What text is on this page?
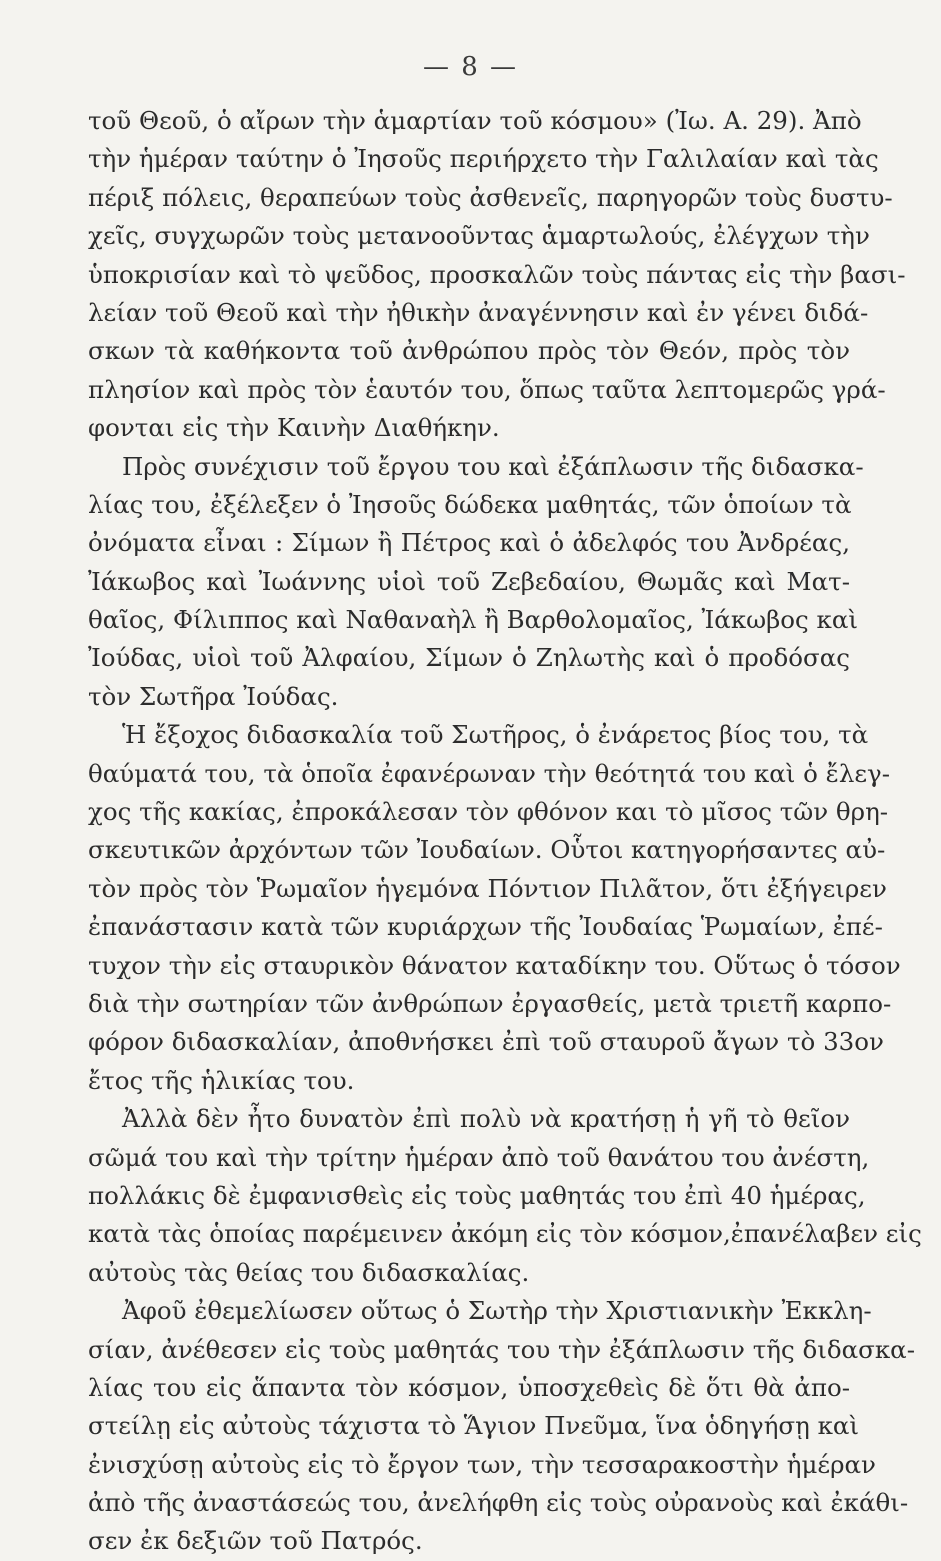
— 8 —
τοῦ Θεοῦ, ὁ αἴρων τὴν ἁμαρτίαν τοῦ κόσμου» (Ἰω. Α. 29). Ἀπὸ
τὴν ἡμέραν ταύτην ὁ Ἰησοῦς περιήρχετο τὴν Γαλιλαίαν καὶ τὰς
πέριξ πόλεις, θεραπεύων τοὺς ἀσθενεῖς, παρηγορῶν τοὺς δυστυ-
χεῖς, συγχωρῶν τοὺς μετανοοῦντας ἁμαρτωλούς, ἐλέγχων τὴν
ὑποκρισίαν καὶ τὸ ψεῦδος, προσκαλῶν τοὺς πάντας εἰς τὴν βασι-
λείαν τοῦ Θεοῦ καὶ τὴν ἠθικὴν ἀναγέννησιν καὶ ἐν γένει διδά-
σκων τὰ καθήκοντα τοῦ ἀνθρώπου πρὸς τὸν Θεόν, πρὸς τὸν
πλησίον καὶ πρὸς τὸν ἑαυτόν του, ὅπως ταῦτα λεπτομερῶς γρά-
φονται εἰς τὴν Καινὴν Διαθήκην.
Πρὸς συνέχισιν τοῦ ἔργου του καὶ ἐξάπλωσιν τῆς διδασκα-
λίας του, ἐξέλεξεν ὁ Ἰησοῦς δώδεκα μαθητάς, τῶν ὁποίων τὰ
ὀνόματα εἶναι : Σίμων ἢ Πέτρος καὶ ὁ ἀδελφός του Ἀνδρέας,
Ἰάκωβος καὶ Ἰωάννης υἱοὶ τοῦ Ζεβεδαίου, Θωμᾶς καὶ Ματ-
θαῖος, Φίλιππος καὶ Ναθαναὴλ ἢ Βαρθολομαῖος, Ἰάκωβος καὶ
Ἰούδας, υἱοὶ τοῦ Ἀλφαίου, Σίμων ὁ Ζηλωτὴς καὶ ὁ προδόσας
τὸν Σωτῆρα Ἰούδας.
Ἡ ἔξοχος διδασκαλία τοῦ Σωτῆρος, ὁ ἐνάρετος βίος του, τὰ
θαύματά του, τὰ ὁποῖα ἐφανέρωναν τὴν θεότητά του καὶ ὁ ἔλεγ-
χος τῆς κακίας, ἐπροκάλεσαν τὸν φθόνον και τὸ μῖσος τῶν θρη-
σκευτικῶν ἀρχόντων τῶν Ἰουδαίων. Οὗτοι κατηγορήσαντες αὐ-
τὸν πρὸς τὸν Ῥωμαῖον ἡγεμόνα Πόντιον Πιλᾶτον, ὅτι ἐξήγειρεν
ἐπανάστασιν κατὰ τῶν κυριάρχων τῆς Ἰουδαίας Ῥωμαίων, ἐπέ-
τυχον τὴν εἰς σταυρικὸν θάνατον καταδίκην του. Οὕτως ὁ τόσον
διὰ τὴν σωτηρίαν τῶν ἀνθρώπων ἐργασθείς, μετὰ τριετῆ καρπο-
φόρον διδασκαλίαν, ἀποθνήσκει ἐπὶ τοῦ σταυροῦ ἄγων τὸ 33ον
ἔτος τῆς ἡλικίας του.
Ἀλλὰ δὲν ἦτο δυνατὸν ἐπὶ πολὺ νὰ κρατήσῃ ἡ γῆ τὸ θεῖον
σῶμά του καὶ τὴν τρίτην ἡμέραν ἀπὸ τοῦ θανάτου του ἀνέστη,
πολλάκις δὲ ἐμφανισθεὶς εἰς τοὺς μαθητάς του ἐπὶ 40 ἡμέρας,
κατὰ τὰς ὁποίας παρέμεινεν ἀκόμη εἰς τὸν κόσμον,ἐπανέλαβεν εἰς
αὐτοὺς τὰς θείας του διδασκαλίας.
Ἀφοῦ ἐθεμελίωσεν οὕτως ὁ Σωτὴρ τὴν Χριστιανικὴν Ἐκκλη-
σίαν, ἀνέθεσεν εἰς τοὺς μαθητάς του τὴν ἐξάπλωσιν τῆς διδασκα-
λίας του εἰς ἅπαντα τὸν κόσμον, ὑποσχεθεὶς δὲ ὅτι θὰ ἀπο-
στείλῃ εἰς αὐτοὺς τάχιστα τὸ Ἅγιον Πνεῦμα, ἵνα ὁδηγήσῃ καὶ
ἐνισχύσῃ αὐτοὺς εἰς τὸ ἔργον των, τὴν τεσσαρακοστὴν ἡμέραν
ἀπὸ τῆς ἀναστάσεώς του, ἀνελήφθη εἰς τοὺς οὐρανοὺς καὶ ἐκάθι-
σεν ἐκ δεξιῶν τοῦ Πατρός.
